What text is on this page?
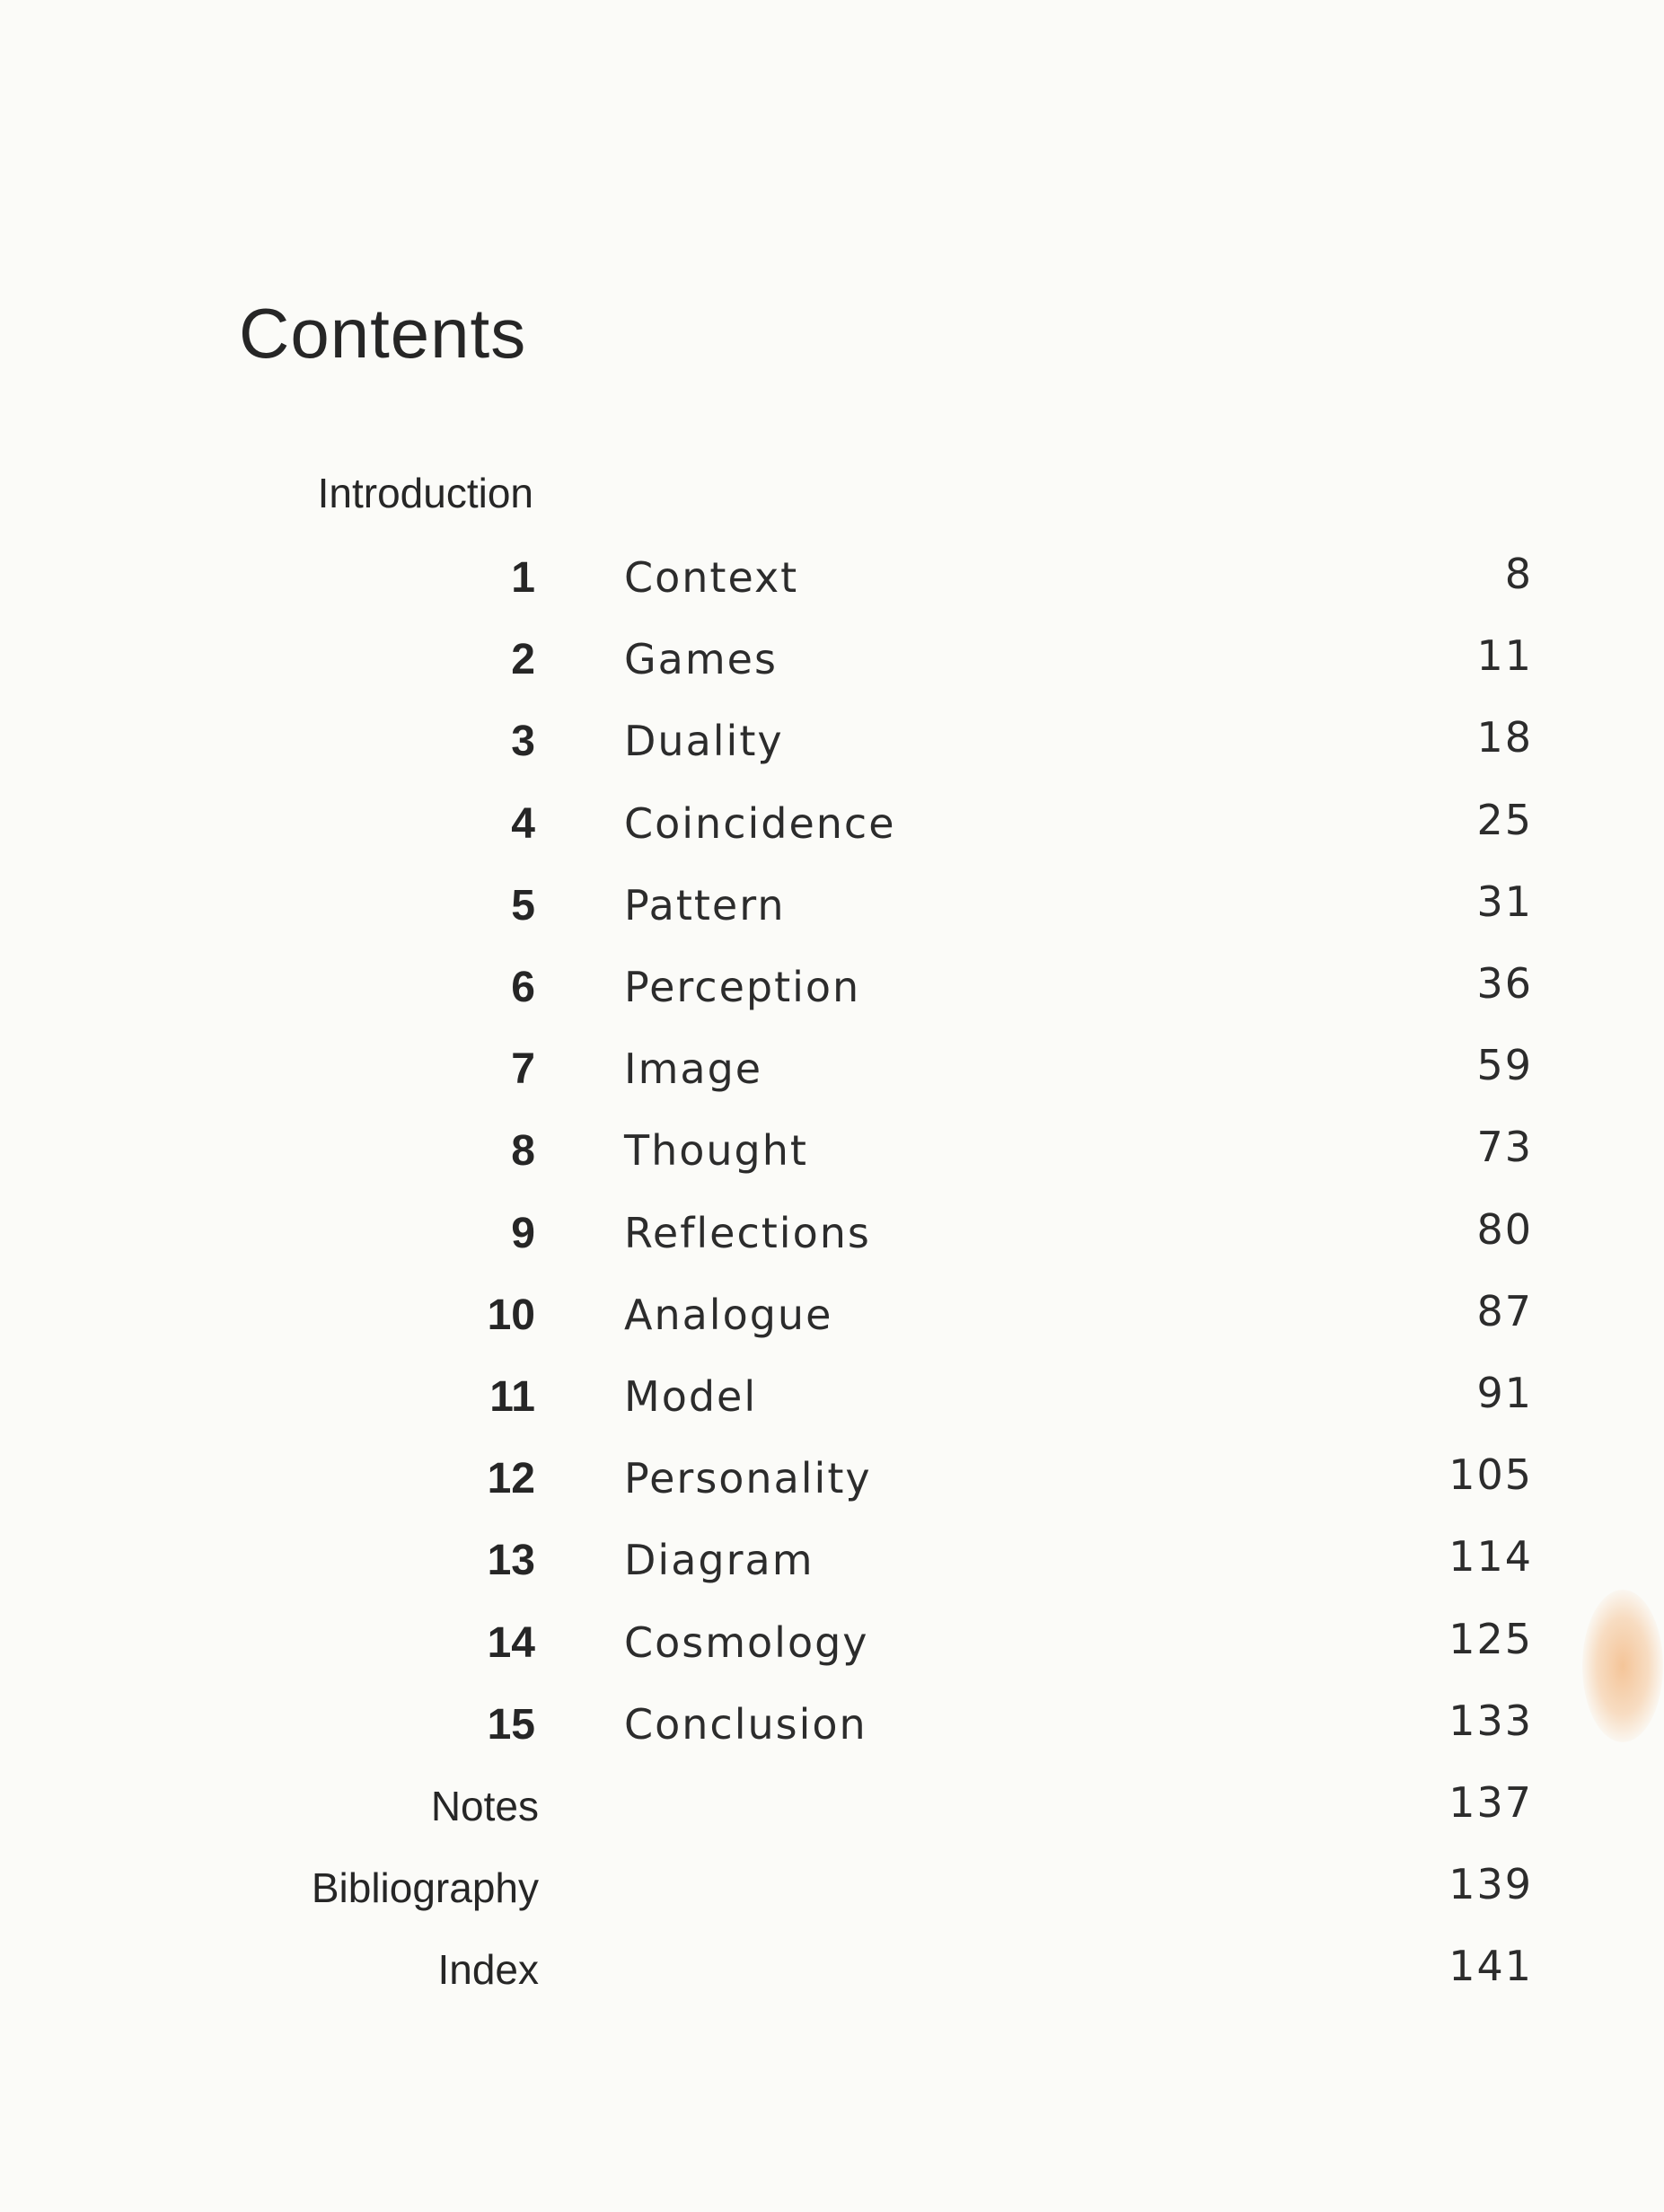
Contents
Introduction
1 Context	8
2 Games	11
3 Duality	18
4 Coincidence	25
5 Pattern	31
6 Perception	36
7 Image	59
8 Thought	73
9 Reflections	80
10 Analogue	87
11 Model	91
12 Personality	105
13 Diagram	114
14 Cosmology	125
15 Conclusion	133
Notes	137
Bibliography	139
Index	141
